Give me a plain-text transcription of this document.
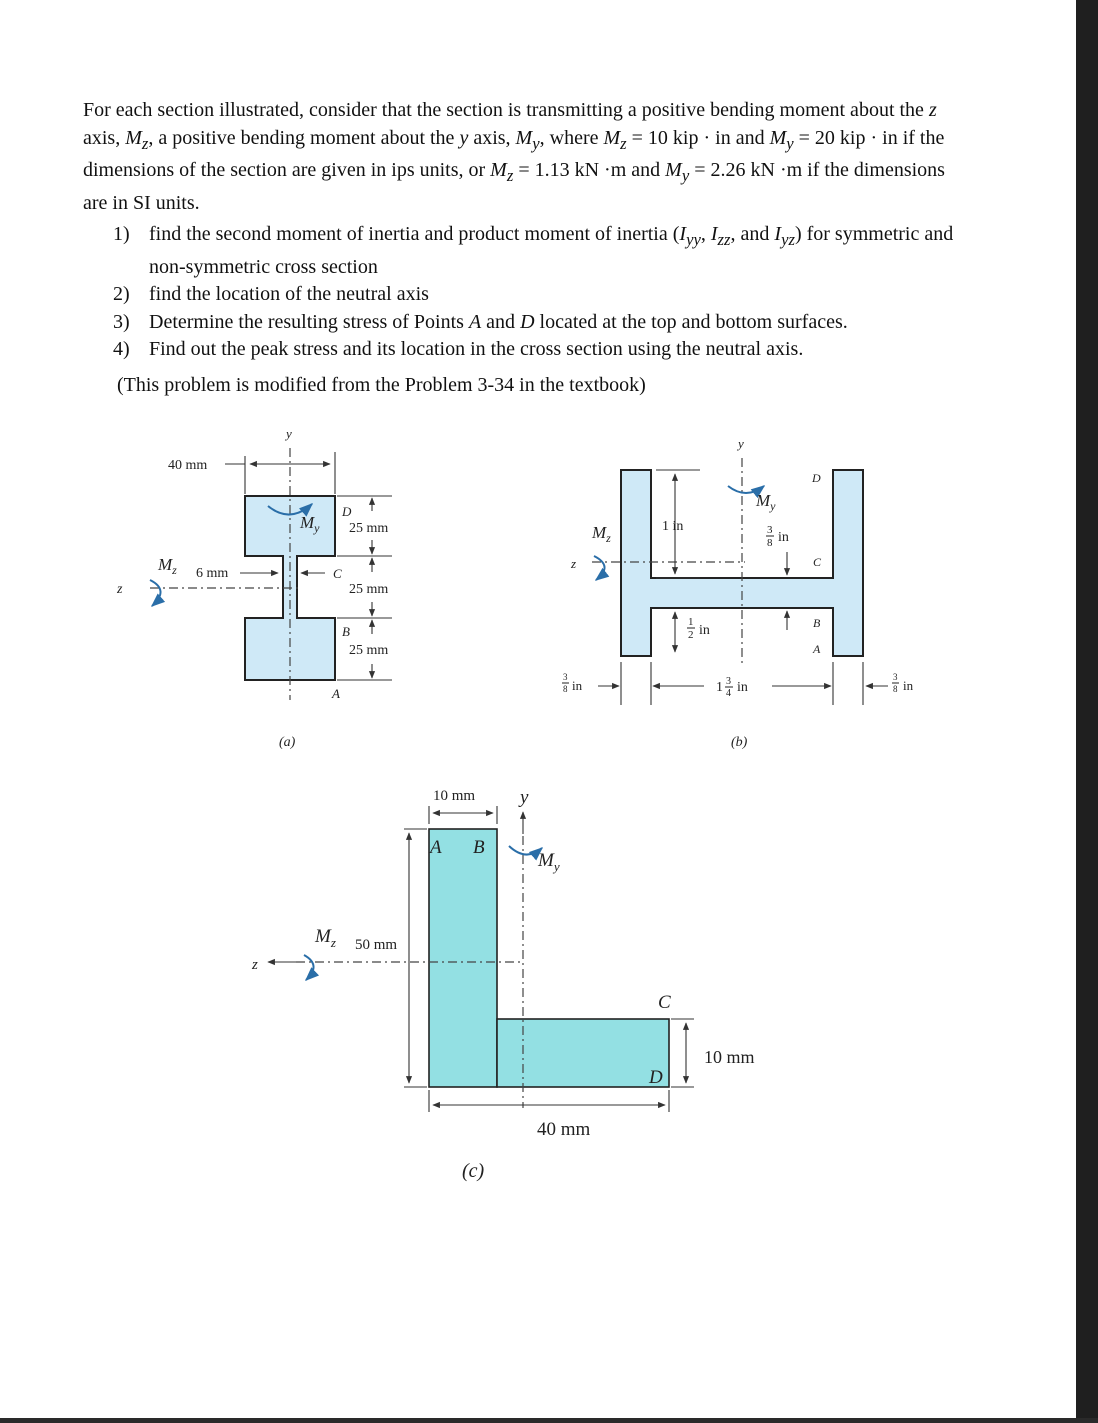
For each section illustrated, consider that the section is transmitting a positive bending moment about the z axis, $M_z$, a positive bending moment about the y axis, $M_y$, where $M_z = 10$ kip · in and $M_y = 20$ kip · in if the dimensions of the section are given in ips units, or $M_z = 1.13$ kN ·m and $M_y = 2.26$ kN ·m if the dimensions are in SI units.
1) find the second moment of inertia and product moment of inertia ($I_{yy}$, $I_{zz}$, and $I_{yz}$) for symmetric and non-symmetric cross section
2) find the location of the neutral axis
3) Determine the resulting stress of Points A and D located at the top and bottom surfaces.
4) Find out the peak stress and its location in the cross section using the neutral axis.
(This problem is modified from the Problem 3-34 in the textbook)
y
z
40 mm
$M_y$
$M_z$ 6 mm
25 mm
25 mm
25 mm
D
C
B
A
(a)
y
z
$M_y$
$M_z$
1 in	3
8 in
1
2 in
D
C
B
A
3
8 in	1 3
4 in
3
8 in
(b)
y
z
10 mm
50 mm
10 mm
40 mm
$M_y$
$M_z$
A B
C
D
(c)
